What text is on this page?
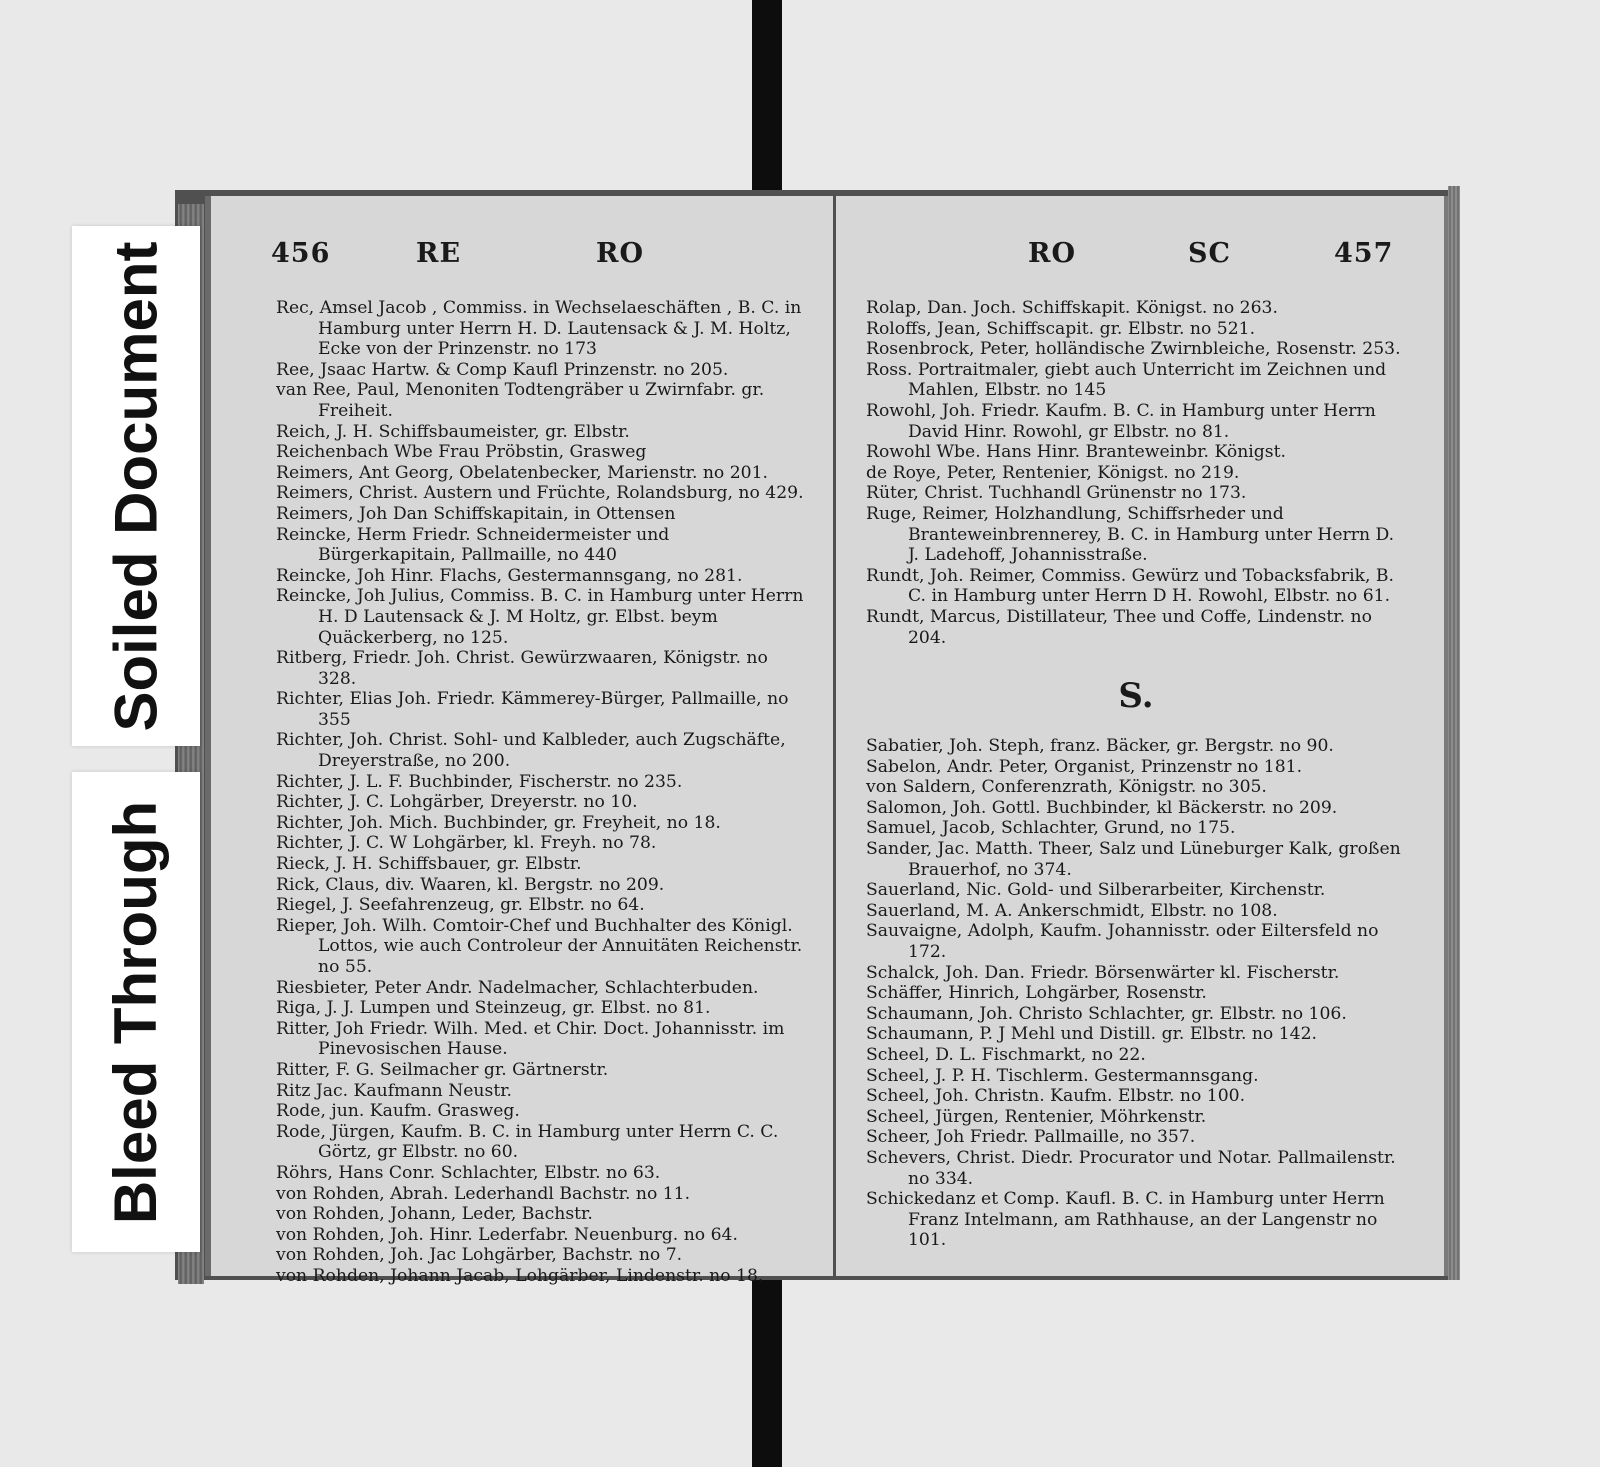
456	RE	RO
Rec, Amsel Jacob , Commiss. in Wechselaeschäften , B. C. in Hamburg unter Herrn H. D. Lautensack & J. M. Holtz, Ecke von der Prinzenstr. no 173
Ree, Jsaac Hartw. & Comp Kaufl Prinzenstr. no 205.
van Ree, Paul, Menoniten Todtengräber u Zwirnfabr. gr. Freiheit.
Reich, J. H. Schiffsbaumeister, gr. Elbstr.
Reichenbach Wbe Frau Pröbstin, Grasweg
Reimers, Ant Georg, Obelatenbecker, Marienstr. no 201.
Reimers, Christ. Austern und Früchte, Rolandsburg, no 429.
Reimers, Joh Dan Schiffskapitain, in Ottensen
Reincke, Herm Friedr. Schneidermeister und Bürgerkapitain, Pallmaille, no 440
Reincke, Joh Hinr. Flachs, Gestermannsgang, no 281.
Reincke, Joh Julius, Commiss. B. C. in Hamburg unter Herrn H. D Lautensack & J. M Holtz, gr. Elbst. beym Quäckerberg, no 125.
Ritberg, Friedr. Joh. Christ. Gewürzwaaren, Königstr. no 328.
Richter, Elias Joh. Friedr. Kämmerey-Bürger, Pallmaille, no 355
Richter, Joh. Christ. Sohl- und Kalbleder, auch Zugschäfte, Dreyerstraße, no 200.
Richter, J. L. F. Buchbinder, Fischerstr. no 235.
Richter, J. C. Lohgärber, Dreyerstr. no 10.
Richter, Joh. Mich. Buchbinder, gr. Freyheit, no 18.
Richter, J. C. W Lohgärber, kl. Freyh. no 78.
Rieck, J. H. Schiffsbauer, gr. Elbstr.
Rick, Claus, div. Waaren, kl. Bergstr. no 209.
Riegel, J. Seefahrenzeug, gr. Elbstr. no 64.
Rieper, Joh. Wilh. Comtoir-Chef und Buchhalter des Königl. Lottos, wie auch Controleur der Annuitäten Reichenstr. no 55.
Riesbieter, Peter Andr. Nadelmacher, Schlachterbuden.
Riga, J. J. Lumpen und Steinzeug, gr. Elbst. no 81.
Ritter, Joh Friedr. Wilh. Med. et Chir. Doct. Johannisstr. im Pinevosischen Hause.
Ritter, F. G. Seilmacher gr. Gärtnerstr.
Ritz Jac. Kaufmann Neustr.
Rode, jun. Kaufm. Grasweg.
Rode, Jürgen, Kaufm. B. C. in Hamburg unter Herrn C. C. Görtz, gr Elbstr. no 60.
Röhrs, Hans Conr. Schlachter, Elbstr. no 63.
von Rohden, Abrah. Lederhandl Bachstr. no 11.
von Rohden, Johann, Leder, Bachstr.
von Rohden, Joh. Hinr. Lederfabr. Neuenburg. no 64.
von Rohden, Joh. Jac Lohgärber, Bachstr. no 7.
von Rohden, Johann Jacab, Lohgärber, Lindenstr. no 18.
RO	SC	457
Rolap, Dan. Joch. Schiffskapit. Königst. no 263.
Roloffs, Jean, Schiffscapit. gr. Elbstr. no 521.
Rosenbrock, Peter, holländische Zwirnbleiche, Rosenstr. 253.
Ross. Portraitmaler, giebt auch Unterricht im Zeichnen und Mahlen, Elbstr. no 145
Rowohl, Joh. Friedr. Kaufm. B. C. in Hamburg unter Herrn David Hinr. Rowohl, gr Elbstr. no 81.
Rowohl Wbe. Hans Hinr. Branteweinbr. Königst.
de Roye, Peter, Rentenier, Königst. no 219.
Rüter, Christ. Tuchhandl Grünenstr no 173.
Ruge, Reimer, Holzhandlung, Schiffsrheder und Branteweinbrennerey, B. C. in Hamburg unter Herrn D. J. Ladehoff, Johannisstraße.
Rundt, Joh. Reimer, Commiss. Gewürz und Tobacksfabrik, B. C. in Hamburg unter Herrn D H. Rowohl, Elbstr. no 61.
Rundt, Marcus, Distillateur, Thee und Coffe, Lindenstr. no 204.
S.
Sabatier, Joh. Steph, franz. Bäcker, gr. Bergstr. no 90.
Sabelon, Andr. Peter, Organist, Prinzenstr no 181.
von Saldern, Conferenzrath, Königstr. no 305.
Salomon, Joh. Gottl. Buchbinder, kl Bäckerstr. no 209.
Samuel, Jacob, Schlachter, Grund, no 175.
Sander, Jac. Matth. Theer, Salz und Lüneburger Kalk, großen Brauerhof, no 374.
Sauerland, Nic. Gold- und Silberarbeiter, Kirchenstr.
Sauerland, M. A. Ankerschmidt, Elbstr. no 108.
Sauvaigne, Adolph, Kaufm. Johannisstr. oder Eiltersfeld no 172.
Schalck, Joh. Dan. Friedr. Börsenwärter kl. Fischerstr.
Schäffer, Hinrich, Lohgärber, Rosenstr.
Schaumann, Joh. Christo Schlachter, gr. Elbstr. no 106.
Schaumann, P. J Mehl und Distill. gr. Elbstr. no 142.
Scheel, D. L. Fischmarkt, no 22.
Scheel, J. P. H. Tischlerm. Gestermannsgang.
Scheel, Joh. Christn. Kaufm. Elbstr. no 100.
Scheel, Jürgen, Rentenier, Möhrkenstr.
Scheer, Joh Friedr. Pallmaille, no 357.
Schevers, Christ. Diedr. Procurator und Notar. Pallmailenstr. no 334.
Schickedanz et Comp. Kaufl. B. C. in Hamburg unter Herrn Franz Intelmann, am Rathhause, an der Langenstr no 101.
Soiled Document
Bleed Through
